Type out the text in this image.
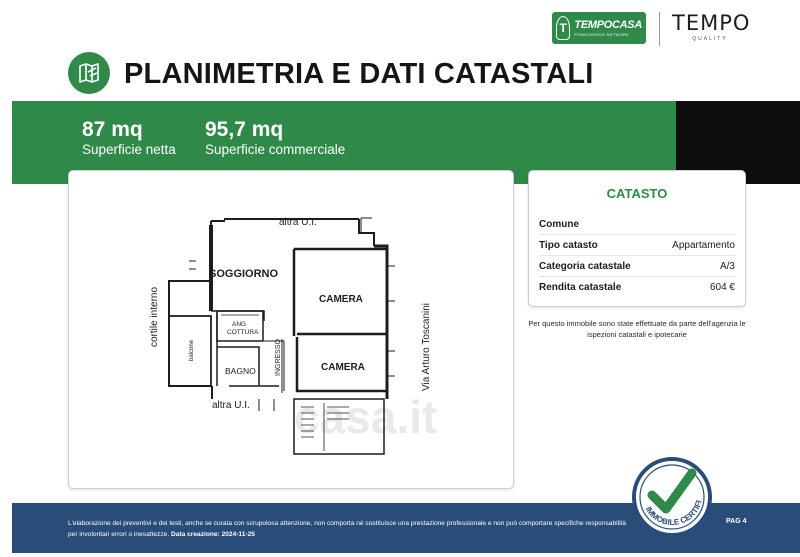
T TEMPOCASA
FRANCHISING NETWORK	TEMPO
QUALITY
PLANIMETRIA E DATI CATASTALI
87 mq
Superficie netta
95,7 mq
Superficie commerciale
casa.it
altra U.I.
SOGGIORNO
CAMERA
CAMERA
ANG
COTTURA
BAGNO
balcone	INGRESSO
cortile interno	Via Arturo Toscanini
altra U.I.
CATASTO
Comune
Tipo catasto	Appartamento
Categoria catastale	A/3
Rendita catastale	604 €
Per questo immobile sono state effettuate da parte dell'agenzia le ispezioni catastali e ipotecarie
L'elaborazione dei preventivi e dei testi, anche se curata con scrupolosa attenzione, non comporta né sostituisce una prestazione professionale e non può comportare specifiche responsabilità
per involontari errori o inesattezze. Data creazione: 2024-11-25
PAG 4
IMMOBILE CERTIFI
